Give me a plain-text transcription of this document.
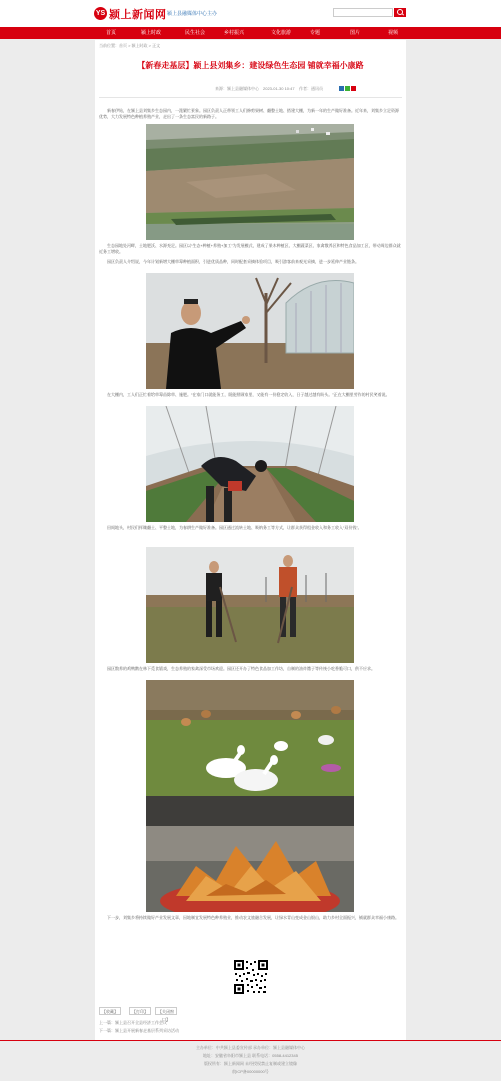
YS 颍上新闻网 颍上县融媒体中心主办
首页	颍上时政	民生社会	乡村振兴	文化旅游	专题	图片	视频
当前位置：首页 > 颍上时政 > 正文
【新春走基层】颍上县刘集乡：建设绿色生态园 铺就幸福小康路
来源：颍上县融媒体中心 2023-01-30 10:47 作者：通讯员
新春伊始，在颍上县刘集乡生态园内，一派繁忙景象。园区负责人正带领工人们修剪果树、翻整土地、搭建大棚，为新一年的生产做好准备。近年来，刘集乡立足资源优势，大力发展特色种植养殖产业，走出了一条生态富民的新路子。
生态园地处河畔，土地肥沃、水源充足。园区以“生态+种植+养殖+加工”为发展模式，建成了果木种植区、大棚蔬菜区、家禽散养区和特色食品加工区，带动周边群众就近务工增收。
园区负责人介绍说，今年计划新增大棚草莓种植面积，引进优质品种，同时配套采摘体验项目，吸引游客前来观光采摘，进一步延伸产业链条。
在大棚内，工人们正忙着给草莓苗除草、施肥。“在家门口就能务工，既能照顾家里，又能有一份稳定收入，日子越过越有盼头。”正在大棚里劳作的村民笑着说。
田间地头，村民们挥锄翻土、平整土地，为春耕生产做好准备。园区通过流转土地、吸纳务工等方式，让群众获得租金收入和务工收入“双份钱”。
园区散养的鸡鸭鹅在林下觅食嬉戏，生态养殖的家禽深受市场欢迎。园区还开办了特色食品加工作坊，自制的油炸馓子等传统小吃香脆可口，供不应求。
下一步，刘集乡将持续做好产业发展文章，因地制宜发展特色种养殖业，推动农文旅融合发展，让绿水青山变成金山银山，助力乡村全面振兴，铺就群众幸福小康路。
【收藏】	【打印】	【关闭窗口】
上一篇：颍上县召开全县经济工作会议
下一篇：颍上县开展新春走基层系列采访活动
主办单位：中共颍上县委宣传部 承办单位：颍上县融媒体中心
地址：安徽省阜阳市颍上县 联系电话：0558-4412345
版权所有：颍上新闻网 未经授权禁止复制或建立镜像
皖ICP备00000000号
